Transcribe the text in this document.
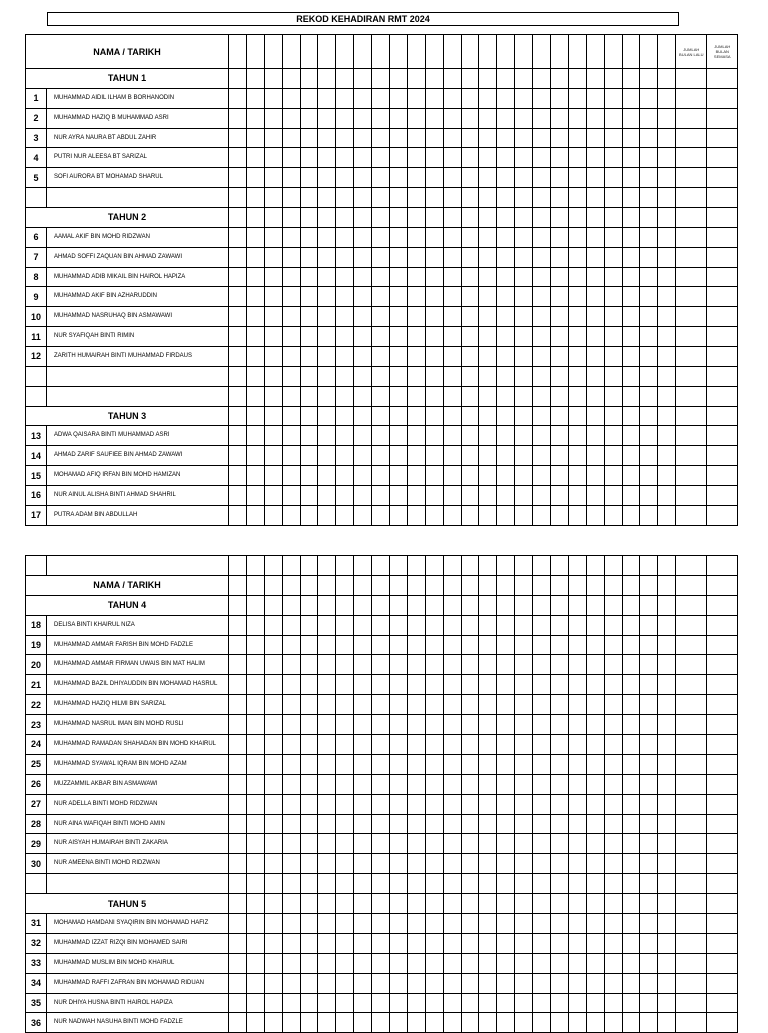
REKOD KEHADIRAN RMT 2024
NAMA / TARIKH																											JUMLAH BULAN LALU	JUMLAH BULAN SEMASA
TAHUN 1																												
1	MUHAMMAD AIDIL ILHAM B BORHANODIN																											
2	MUHAMMAD HAZIQ B MUHAMMAD ASRI																											
3	NUR AYRA NAURA BT ABDUL ZAHIR																											
4	PUTRI NUR ALEESA BT SARIZAL																											
5	SOFI AURORA BT MOHAMAD SHARUL																											

TAHUN 2																												
6	AAMAL AKIF BIN MOHD RIDZWAN																											
7	AHMAD SOFFI ZAQUAN BIN AHMAD ZAWAWI																											
8	MUHAMMAD ADIB MIKAIL BIN HAIROL HAPIZA																											
9	MUHAMMAD AKIF BIN AZHARUDDIN																											
10	MUHAMMAD NASRUHAQ BIN ASMAWAWI																											
11	NUR SYAFIQAH BINTI RIMIN																											
12	ZARITH HUMAIRAH BINTI MUHAMMAD FIRDAUS																											

TAHUN 3																												
13	ADWA QAISARA BINTI MUHAMMAD ASRI																											
14	AHMAD ZARIF SAUFIEE BIN AHMAD ZAWAWI																											
15	MOHAMAD AFIQ IRFAN BIN MOHD HAMIZAN																											
16	NUR AINUL ALISHA BINTI AHMAD SHAHRIL																											
17	PUTRA ADAM BIN ABDULLAH																											

NAMA / TARIKH																												
TAHUN 4																												
18	DELISA BINTI KHAIRUL NIZA																											
19	MUHAMMAD AMMAR FARISH BIN MOHD FADZLE																											
20	MUHAMMAD AMMAR FIRMAN UWAIS BIN MAT HALIM																											
21	MUHAMMAD BAZIL DHIYAUDDIN BIN MOHAMAD HASRUL																											
22	MUHAMMAD HAZIQ HILMI BIN SARIZAL																											
23	MUHAMMAD NASRUL IMAN BIN MOHD RUSLI																											
24	MUHAMMAD RAMADAN SHAHADAN BIN MOHD KHAIRUL																											
25	MUHAMMAD SYAWAL IQRAM BIN MOHD AZAM																											
26	MUZZAMMIL AKBAR BIN ASMAWAWI																											
27	NUR ADELLA BINTI MOHD RIDZWAN																											
28	NUR AINA WAFIQAH BINTI MOHD AMIN																											
29	NUR AISYAH HUMAIRAH BINTI ZAKARIA																											
30	NUR AMEENA BINTI MOHD RIDZWAN																											

TAHUN 5																												
31	MOHAMAD HAMDANI SYAQIRIN BIN MOHAMAD HAFIZ																											
32	MUHAMMAD IZZAT RIZQI BIN MOHAMED SAIRI																											
33	MUHAMMAD MUSLIM BIN MOHD KHAIRUL																											
34	MUHAMMAD RAFFI ZAFRAN BIN MOHAMAD RIDUAN																											
35	NUR DHIYA HUSNA BINTI HAIROL HAPIZA																											
36	NUR NADWAH NASUHA BINTI MOHD FADZLE																											
